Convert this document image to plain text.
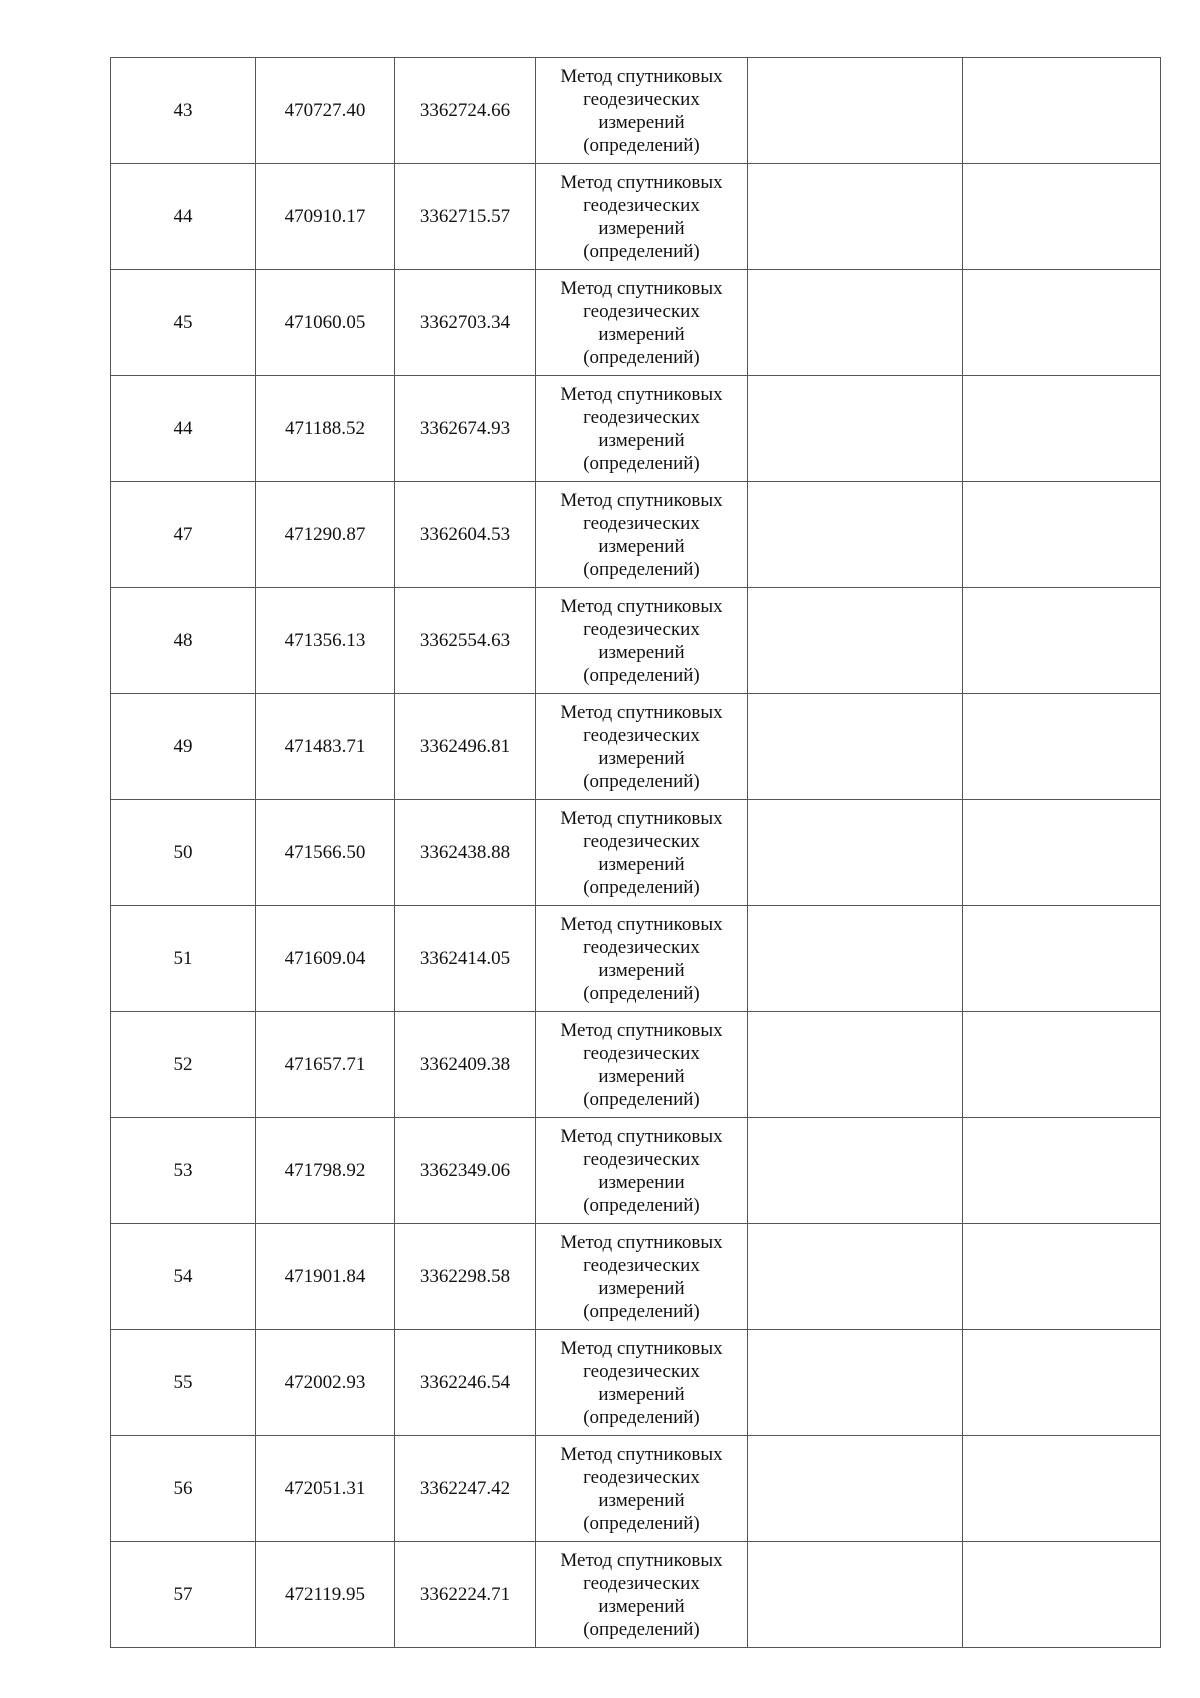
43	470727.40	3362724.66	Метод спутниковых
геодезических
измерений
(определений)		

44	470910.17	3362715.57	Метод спутниковых
геодезических
измерений
(определений)		

45	471060.05	3362703.34	Метод спутниковых
геодезических
измерений
(определений)		

44	471188.52	3362674.93	Метод спутниковых
геодезических
измерений
(определений)		

47	471290.87	3362604.53	Метод спутниковых
геодезических
измерений
(определений)		

48	471356.13	3362554.63	Метод спутниковых
геодезических
измерений
(определений)		

49	471483.71	3362496.81	Метод спутниковых
геодезических
измерений
(определений)		

50	471566.50	3362438.88	Метод спутниковых
геодезических
измерений
(определений)		

51	471609.04	3362414.05	Метод спутниковых
геодезических
измерений
(определений)		

52	471657.71	3362409.38	Метод спутниковых
геодезических
измерений
(определений)		

53	471798.92	3362349.06	Метод спутниковых
геодезических
измерении
(определений)		

54	471901.84	3362298.58	Метод спутниковых
геодезических
измерений
(определений)		

55	472002.93	3362246.54	Метод спутниковых
геодезических
измерений
(определений)		

56	472051.31	3362247.42	Метод спутниковых
геодезических
измерений
(определений)		

57	472119.95	3362224.71	Метод спутниковых
геодезических
измерений
(определений)		
